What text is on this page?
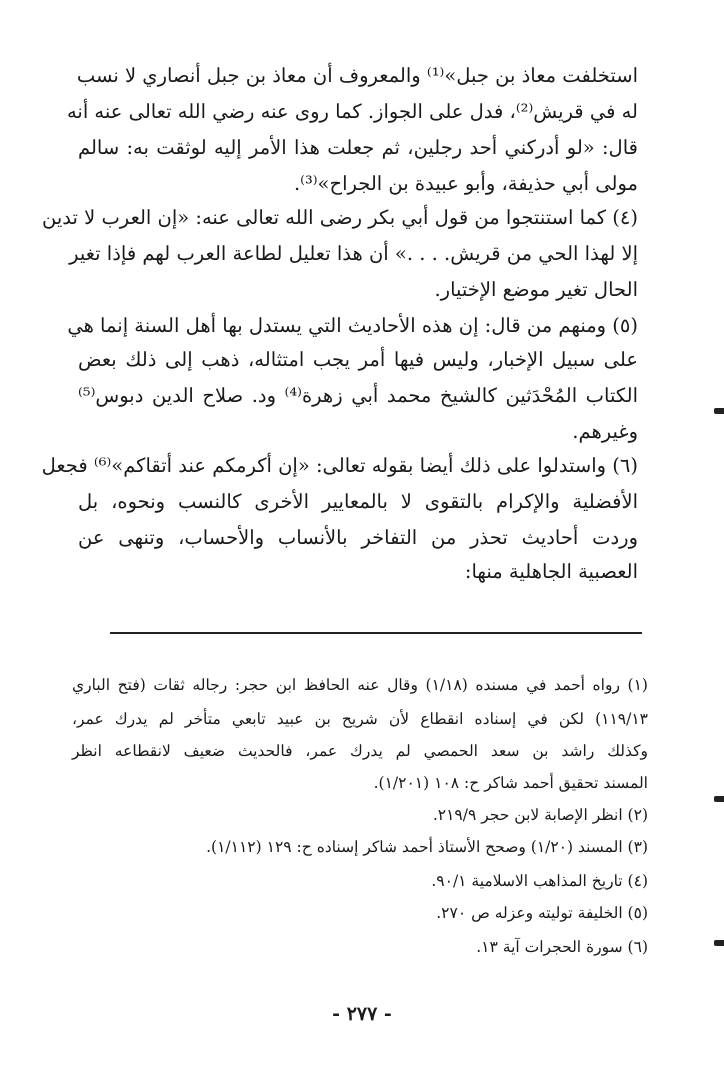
استخلفت معاذ بن جبل»⁽¹⁾ والمعروف أن معاذ بن جبل أنصاري لا نسب
له في قريش⁽²⁾، فدل على الجواز. كما روى عنه رضي الله تعالى عنه أنه
قال: «لو أدركني أحد رجلين، ثم جعلت هذا الأمر إليه لوثقت به: سالم
مولى أبي حذيفة، وأبو عبيدة بن الجراح»⁽³⁾.
(٤) كما استنتجوا من قول أبي بكر رضى الله تعالى عنه: «إن العرب لا تدين
إلا لهذا الحي من قريش. . . .» أن هذا تعليل لطاعة العرب لهم فإذا تغير
الحال تغير موضع الإختيار.
(٥) ومنهم من قال: إن هذه الأحاديث التي يستدل بها أهل السنة إنما هي
على سبيل الإخبار، وليس فيها أمر يجب امتثاله، ذهب إلى ذلك بعض
الكتاب المُحْدَثين كالشيخ محمد أبي زهرة⁽⁴⁾ ود. صلاح الدين دبوس⁽⁵⁾
وغيرهم.
(٦) واستدلوا على ذلك أيضا بقوله تعالى: «إن أكرمكم عند أتقاكم»⁽⁶⁾ فجعل
الأفضلية والإكرام بالتقوى لا بالمعايير الأخرى كالنسب ونحوه، بل
وردت أحاديث تحذر من التفاخر بالأنساب والأحساب، وتنهى عن
العصبية الجاهلية منها:
(١) رواه أحمد في مسنده (١/١٨) وقال عنه الحافظ ابن حجر: رجاله ثقات (فتح الباري
١١٩/١٣) لكن في إسناده انقطاع لأن شريح بن عبيد تابعي متأخر لم يدرك عمر،
وكذلك راشد بن سعد الحمصي لم يدرك عمر، فالحديث ضعيف لانقطاعه انظر
المسند تحقيق أحمد شاكر ح: ١٠٨ (١/٢٠١).
(٢) انظر الإصابة لابن حجر ٢١٩/٩.
(٣) المسند (١/٢٠) وصحح الأستاذ أحمد شاكر إسناده ح: ١٢٩ (١/١١٢).
(٤) تاريخ المذاهب الاسلامية ٩٠/١.
(٥) الخليفة توليته وعزله ص ٢٧٠.
(٦) سورة الحجرات آية ١٣.
- ٢٧٧ -
